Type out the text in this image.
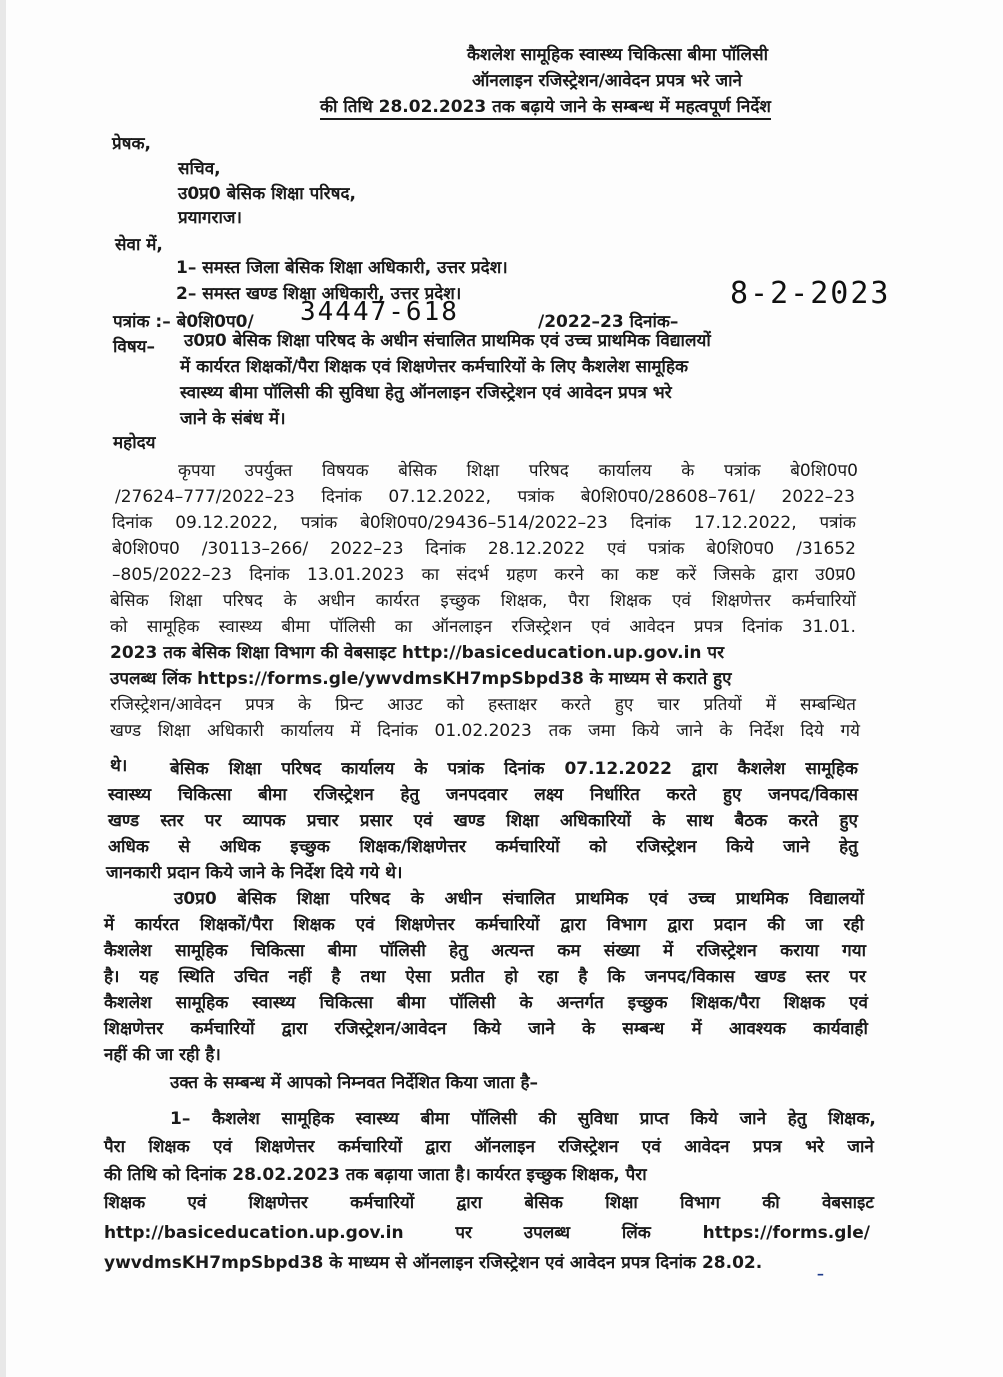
कैशलेश सामूहिक स्वास्थ्य चिकित्सा बीमा पॉलिसी
ऑनलाइन रजिस्ट्रेशन/आवेदन प्रपत्र भरे जाने
की तिथि 28.02.2023 तक बढ़ाये जाने के सम्बन्ध में महत्वपूर्ण निर्देश
प्रेषक,
सचिव,
उ0प्र0 बेसिक शिक्षा परिषद,
प्रयागराज।
सेवा में,
1– समस्त जिला बेसिक शिक्षा अधिकारी, उत्तर प्रदेश।
2– समस्त खण्ड शिक्षा अधिकारी, उत्तर प्रदेश।
पत्रांक :– बे0शि0प0/ 34447-618	/2022–23 दिनांक–
8-2-2023
विषय– उ0प्र0 बेसिक शिक्षा परिषद के अधीन संचालित प्राथमिक एवं उच्च प्राथमिक विद्यालयों
में कार्यरत शिक्षकों/पैरा शिक्षक एवं शिक्षणेत्तर कर्मचारियों के लिए कैशलेश सामूहिक
स्वास्थ्य बीमा पॉलिसी की सुविधा हेतु ऑनलाइन रजिस्ट्रेशन एवं आवेदन प्रपत्र भरे
जाने के संबंध में।
महोदय
कृपया उपर्युक्त विषयक बेसिक शिक्षा परिषद कार्यालय के पत्रांक बे0शि0प0
/27624–777/2022–23 दिनांक 07.12.2022, पत्रांक बे0शि0प0/28608–761/ 2022–23
दिनांक 09.12.2022, पत्रांक बे0शि0प0/29436–514/2022–23 दिनांक 17.12.2022, पत्रांक
बे0शि0प0 /30113–266/ 2022–23 दिनांक 28.12.2022 एवं पत्रांक बे0शि0प0 /31652
–805/2022–23 दिनांक 13.01.2023 का संदर्भ ग्रहण करने का कष्ट करें जिसके द्वारा उ0प्र0
बेसिक शिक्षा परिषद के अधीन कार्यरत इच्छुक शिक्षक, पैरा शिक्षक एवं शिक्षणेत्तर कर्मचारियों
को सामूहिक स्वास्थ्य बीमा पॉलिसी का ऑनलाइन रजिस्ट्रेशन एवं आवेदन प्रपत्र दिनांक 31.01.
2023 तक बेसिक शिक्षा विभाग की वेबसाइट http://basiceducation.up.gov.in पर
उपलब्ध लिंक https://forms.gle/ywvdmsKH7mpSbpd38 के माध्यम से कराते हुए
रजिस्ट्रेशन/आवेदन प्रपत्र के प्रिन्ट आउट को हस्ताक्षर करते हुए चार प्रतियों में सम्बन्धित
खण्ड शिक्षा अधिकारी कार्यालय में दिनांक 01.02.2023 तक जमा किये जाने के निर्देश दिये गये
थे।	बेसिक शिक्षा परिषद कार्यालय के पत्रांक दिनांक 07.12.2022 द्वारा कैशलेश सामूहिक
स्वास्थ्य चिकित्सा बीमा रजिस्ट्रेशन हेतु जनपदवार लक्ष्य निर्धारित करते हुए जनपद/विकास
खण्ड स्तर पर व्यापक प्रचार प्रसार एवं खण्ड शिक्षा अधिकारियों के साथ बैठक करते हुए
अधिक से अधिक इच्छुक शिक्षक/शिक्षणेत्तर कर्मचारियों को रजिस्ट्रेशन किये जाने हेतु
जानकारी प्रदान किये जाने के निर्देश दिये गये थे।
उ0प्र0 बेसिक शिक्षा परिषद के अधीन संचालित प्राथमिक एवं उच्च प्राथमिक विद्यालयों
में कार्यरत शिक्षकों/पैरा शिक्षक एवं शिक्षणेत्तर कर्मचारियों द्वारा विभाग द्वारा प्रदान की जा रही
कैशलेश सामूहिक चिकित्सा बीमा पॉलिसी हेतु अत्यन्त कम संख्या में रजिस्ट्रेशन कराया गया
है। यह स्थिति उचित नहीं है तथा ऐसा प्रतीत हो रहा है कि जनपद/विकास खण्ड स्तर पर
कैशलेश सामूहिक स्वास्थ्य चिकित्सा बीमा पॉलिसी के अन्तर्गत इच्छुक शिक्षक/पैरा शिक्षक एवं
शिक्षणेत्तर कर्मचारियों द्वारा रजिस्ट्रेशन/आवेदन किये जाने के सम्बन्ध में आवश्यक कार्यवाही
नहीं की जा रही है।
उक्त के सम्बन्ध में आपको निम्नवत निर्देशित किया जाता है–
1– कैशलेश सामूहिक स्वास्थ्य बीमा पॉलिसी की सुविधा प्राप्त किये जाने हेतु शिक्षक,
पैरा शिक्षक एवं शिक्षणेत्तर कर्मचारियों द्वारा ऑनलाइन रजिस्ट्रेशन एवं आवेदन प्रपत्र भरे जाने
की तिथि को दिनांक 28.02.2023 तक बढ़ाया जाता है। कार्यरत इच्छुक शिक्षक, पैरा
शिक्षक एवं शिक्षणेत्तर कर्मचारियों द्वारा बेसिक शिक्षा विभाग की वेबसाइट
http://basiceducation.up.gov.in	पर	उपलब्ध	लिंक	https://forms.gle/
ywvdmsKH7mpSbpd38 के माध्यम से ऑनलाइन रजिस्ट्रेशन एवं आवेदन प्रपत्र दिनांक 28.02.	ˍ
